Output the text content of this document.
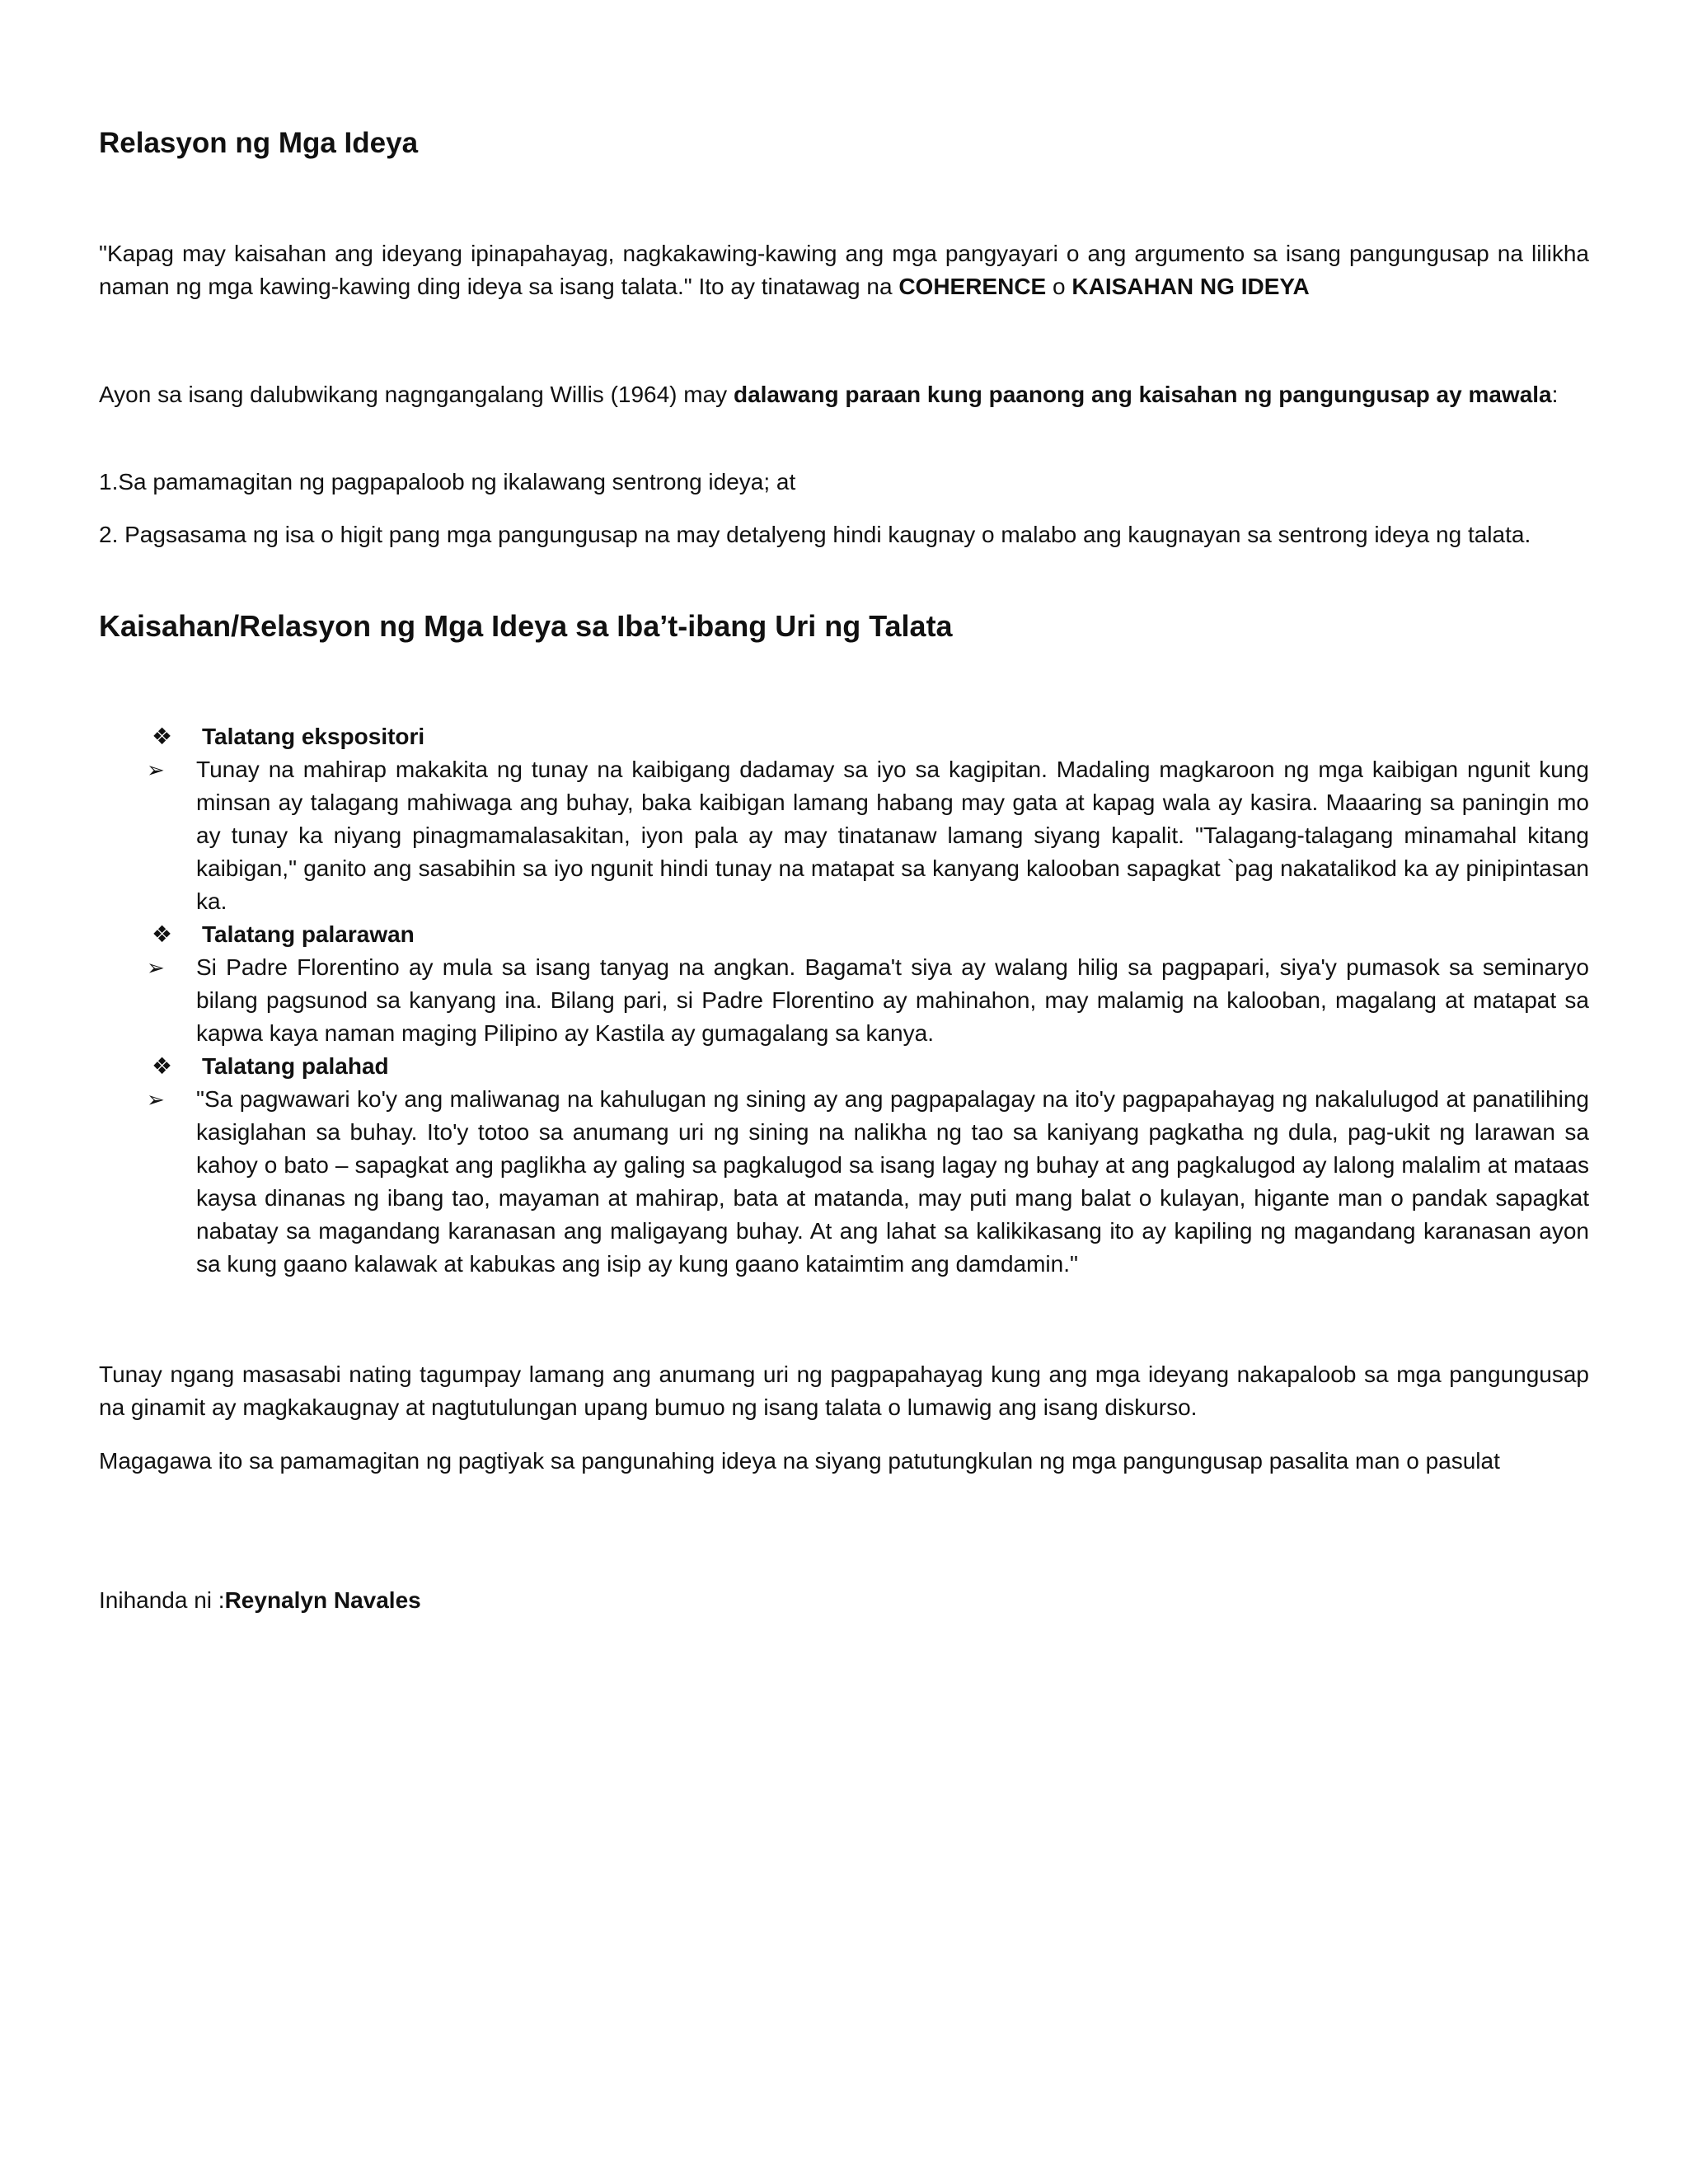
Relasyon ng Mga Ideya

"Kapag may kaisahan ang ideyang ipinapahayag, nagkakawing-kawing ang mga pangyayari o ang argumento sa isang pangungusap na lilikha naman ng mga kawing-kawing ding ideya sa isang talata." Ito ay tinatawag na COHERENCE o KAISAHAN NG IDEYA

Ayon sa isang dalubwikang nagngangalang Willis (1964) may dalawang paraan kung paanong ang kaisahan ng pangungusap ay mawala:

1.Sa pamamagitan ng pagpapaloob ng ikalawang sentrong ideya; at

2. Pagsasama ng isa o higit pang mga pangungusap na may detalyeng hindi kaugnay o malabo ang kaugnayan sa sentrong ideya ng talata.

Kaisahan/Relasyon ng Mga Ideya sa Iba’t-ibang Uri ng Talata
❖ Talatang ekspositori
➢ Tunay na mahirap makakita ng tunay na kaibigang dadamay sa iyo sa kagipitan. Madaling magkaroon ng mga kaibigan ngunit kung minsan ay talagang mahiwaga ang buhay, baka kaibigan lamang habang may gata at kapag wala ay kasira. Maaaring sa paningin mo ay tunay ka niyang pinagmamalasakitan, iyon pala ay may tinatanaw lamang siyang kapalit. "Talagang-talagang minamahal kitang kaibigan," ganito ang sasabihin sa iyo ngunit hindi tunay na matapat sa kanyang kalooban sapagkat `pag nakatalikod ka ay pinipintasan ka.

❖ Talatang palarawan
➢ Si Padre Florentino ay mula sa isang tanyag na angkan. Bagama't siya ay walang hilig sa pagpapari, siya'y pumasok sa seminaryo bilang pagsunod sa kanyang ina. Bilang pari, si Padre Florentino ay mahinahon, may malamig na kalooban, magalang at matapat sa kapwa kaya naman maging Pilipino ay Kastila ay gumagalang sa kanya.

❖ Talatang palahad
➢ "Sa pagwawari ko'y ang maliwanag na kahulugan ng sining ay ang pagpapalagay na ito'y pagpapahayag ng nakalulugod at panatilihing kasiglahan sa buhay. Ito'y totoo sa anumang uri ng sining na nalikha ng tao sa kaniyang pagkatha ng dula, pag-ukit ng larawan sa kahoy o bato – sapagkat ang paglikha ay galing sa pagkalugod sa isang lagay ng buhay at ang pagkalugod ay lalong malalim at mataas kaysa dinanas ng ibang tao, mayaman at mahirap, bata at matanda, may puti mang balat o kulayan, higante man o pandak sapagkat nabatay sa magandang karanasan ang maligayang buhay. At ang lahat sa kalikikasang ito ay kapiling ng magandang karanasan ayon sa kung gaano kalawak at kabukas ang isip ay kung gaano kataimtim ang damdamin."

Tunay ngang masasabi nating tagumpay lamang ang anumang uri ng pagpapahayag kung ang mga ideyang nakapaloob sa mga pangungusap na ginamit ay magkakaugnay at nagtutulungan upang bumuo ng isang talata o lumawig ang isang diskurso.

Magagawa ito sa pamamagitan ng pagtiyak sa pangunahing ideya na siyang patutungkulan ng mga pangungusap pasalita man o pasulat

Inihanda ni :Reynalyn Navales
